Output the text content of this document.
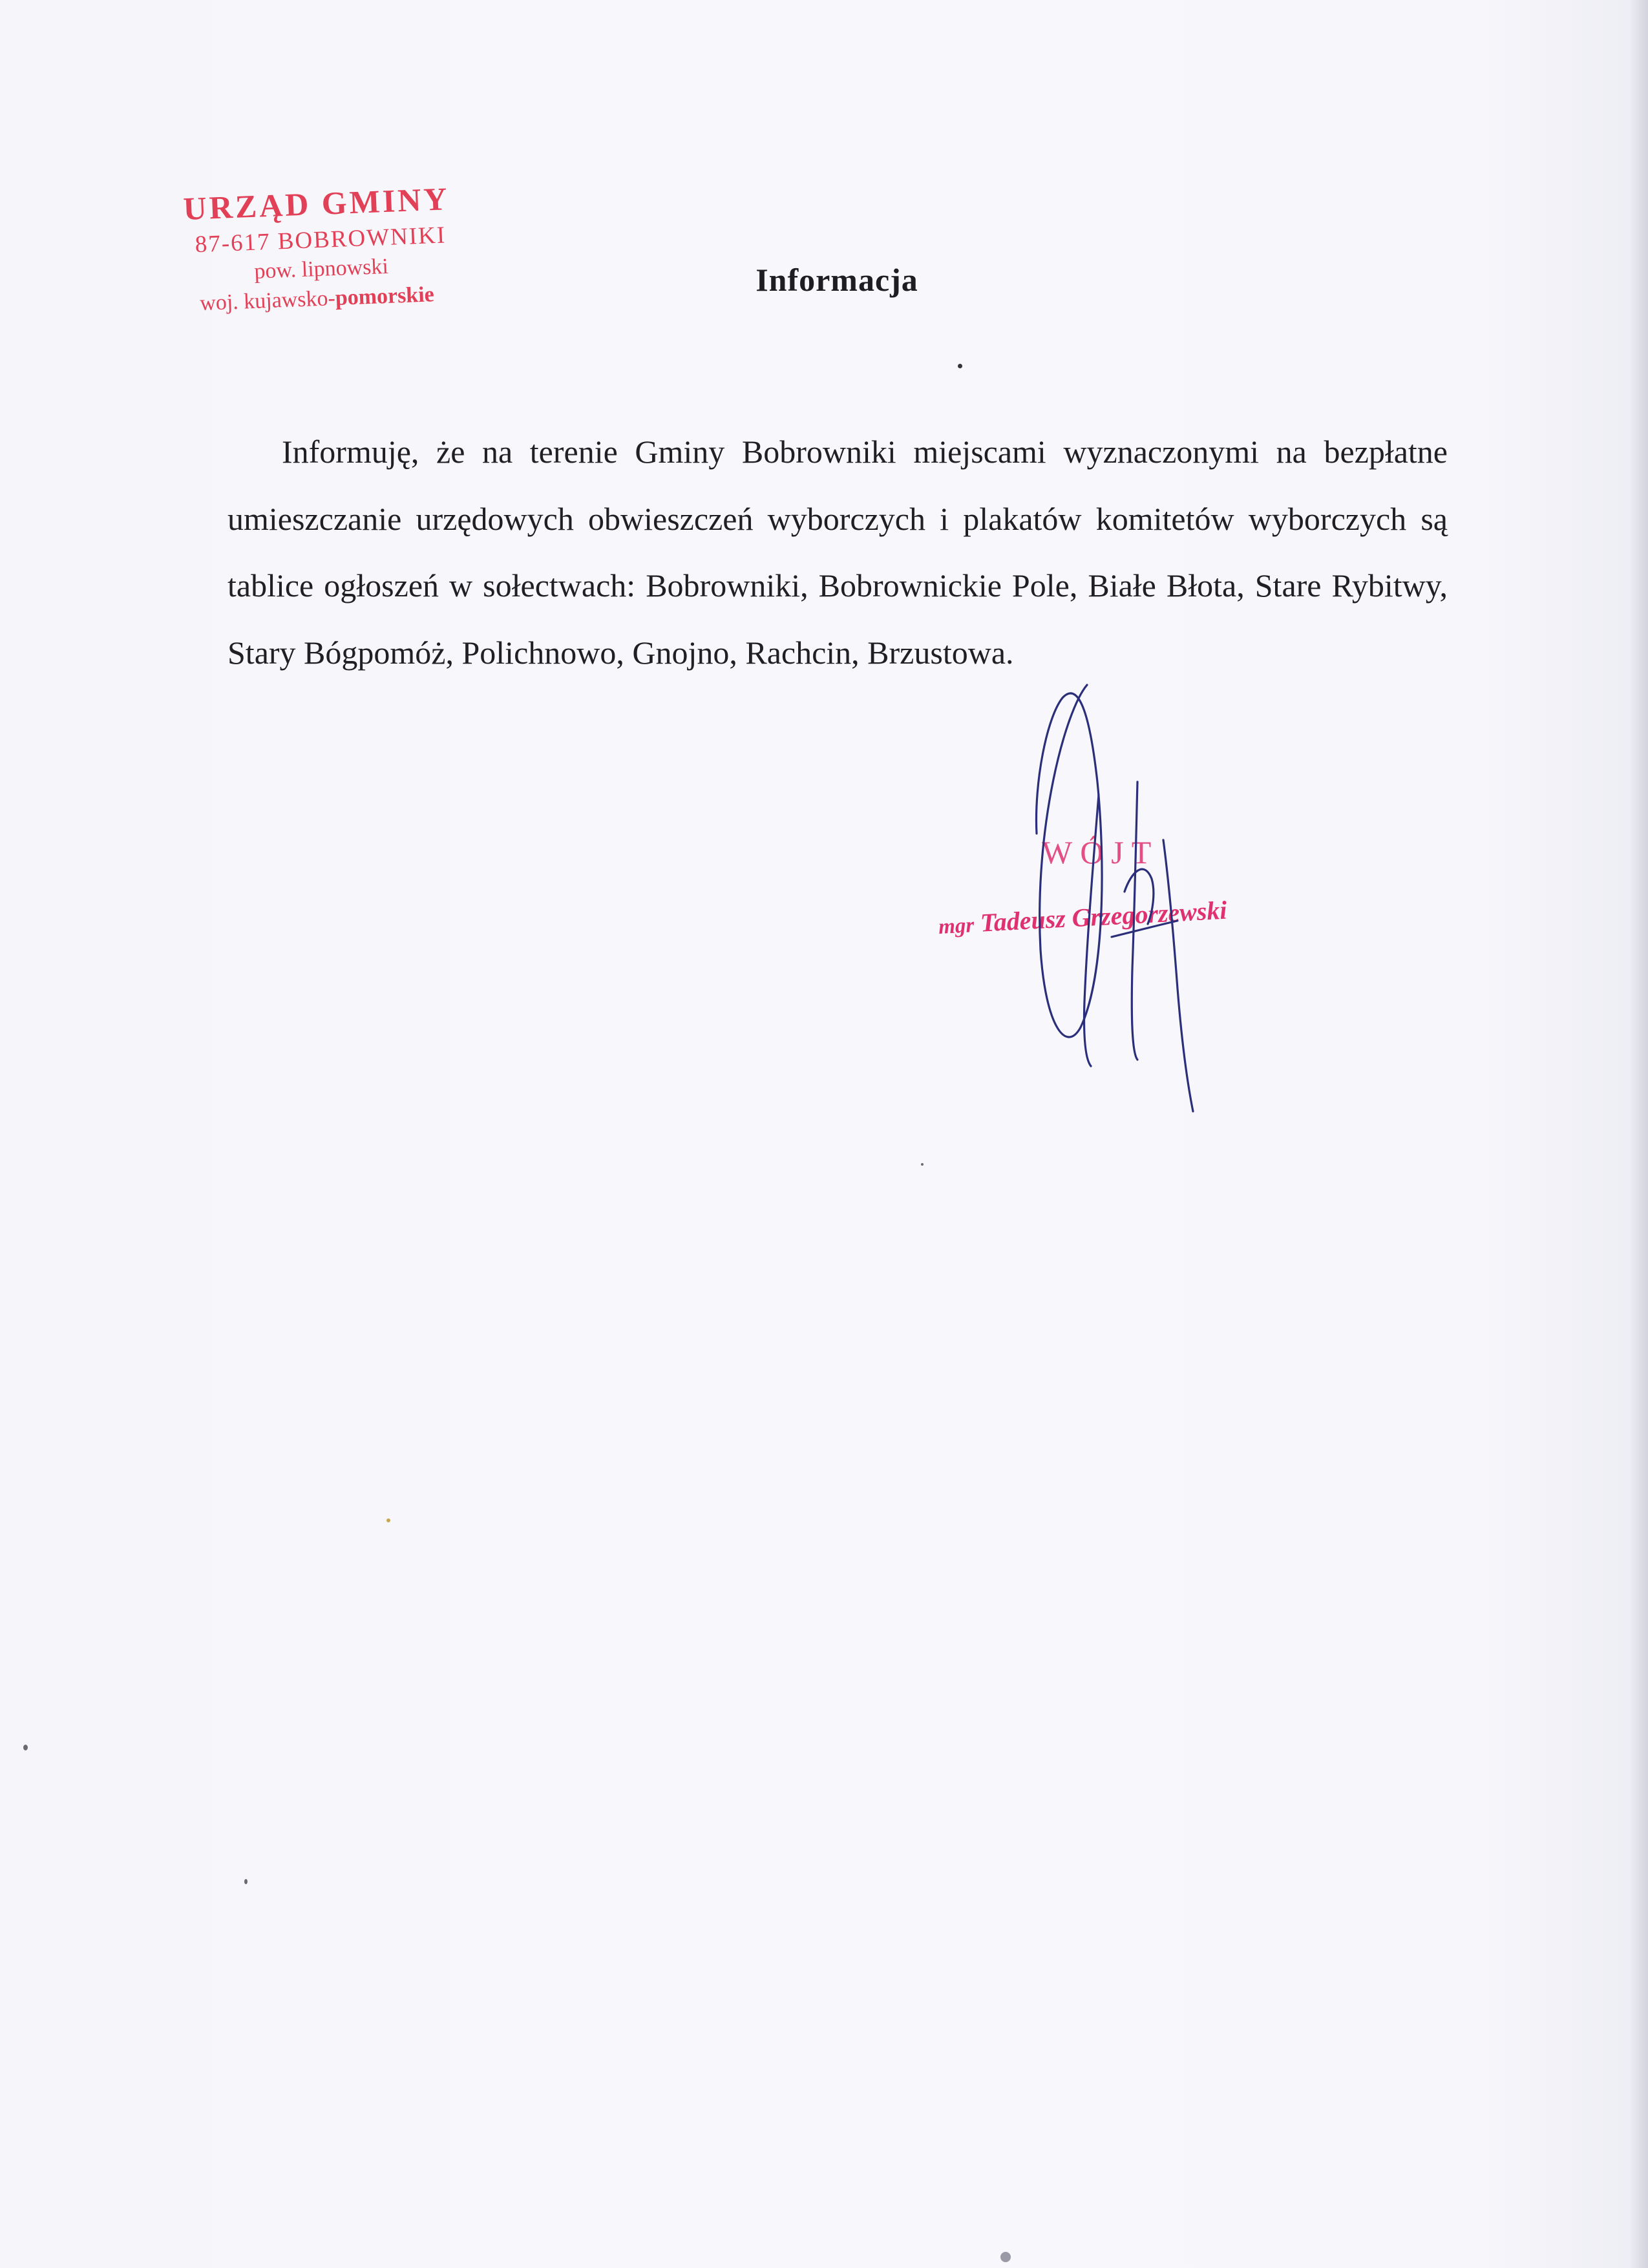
URZĄD GMINY
87-617 BOBROWNIKI
pow. lipnowski
woj. kujawsko-pomorskie	Informacja

Informuję, że na terenie Gminy Bobrowniki miejscami wyznaczonymi na bezpłatne umieszczanie urzędowych obwieszczeń wyborczych i plakatów komitetów wyborczych są tablice ogłoszeń w sołectwach: Bobrowniki, Bobrownickie Pole, Białe Błota, Stare Rybitwy, Stary Bógpomóż, Polichnowo, Gnojno, Rachcin, Brzustowa.

WÓJT
mgr Tadeusz Grzegorzewski
